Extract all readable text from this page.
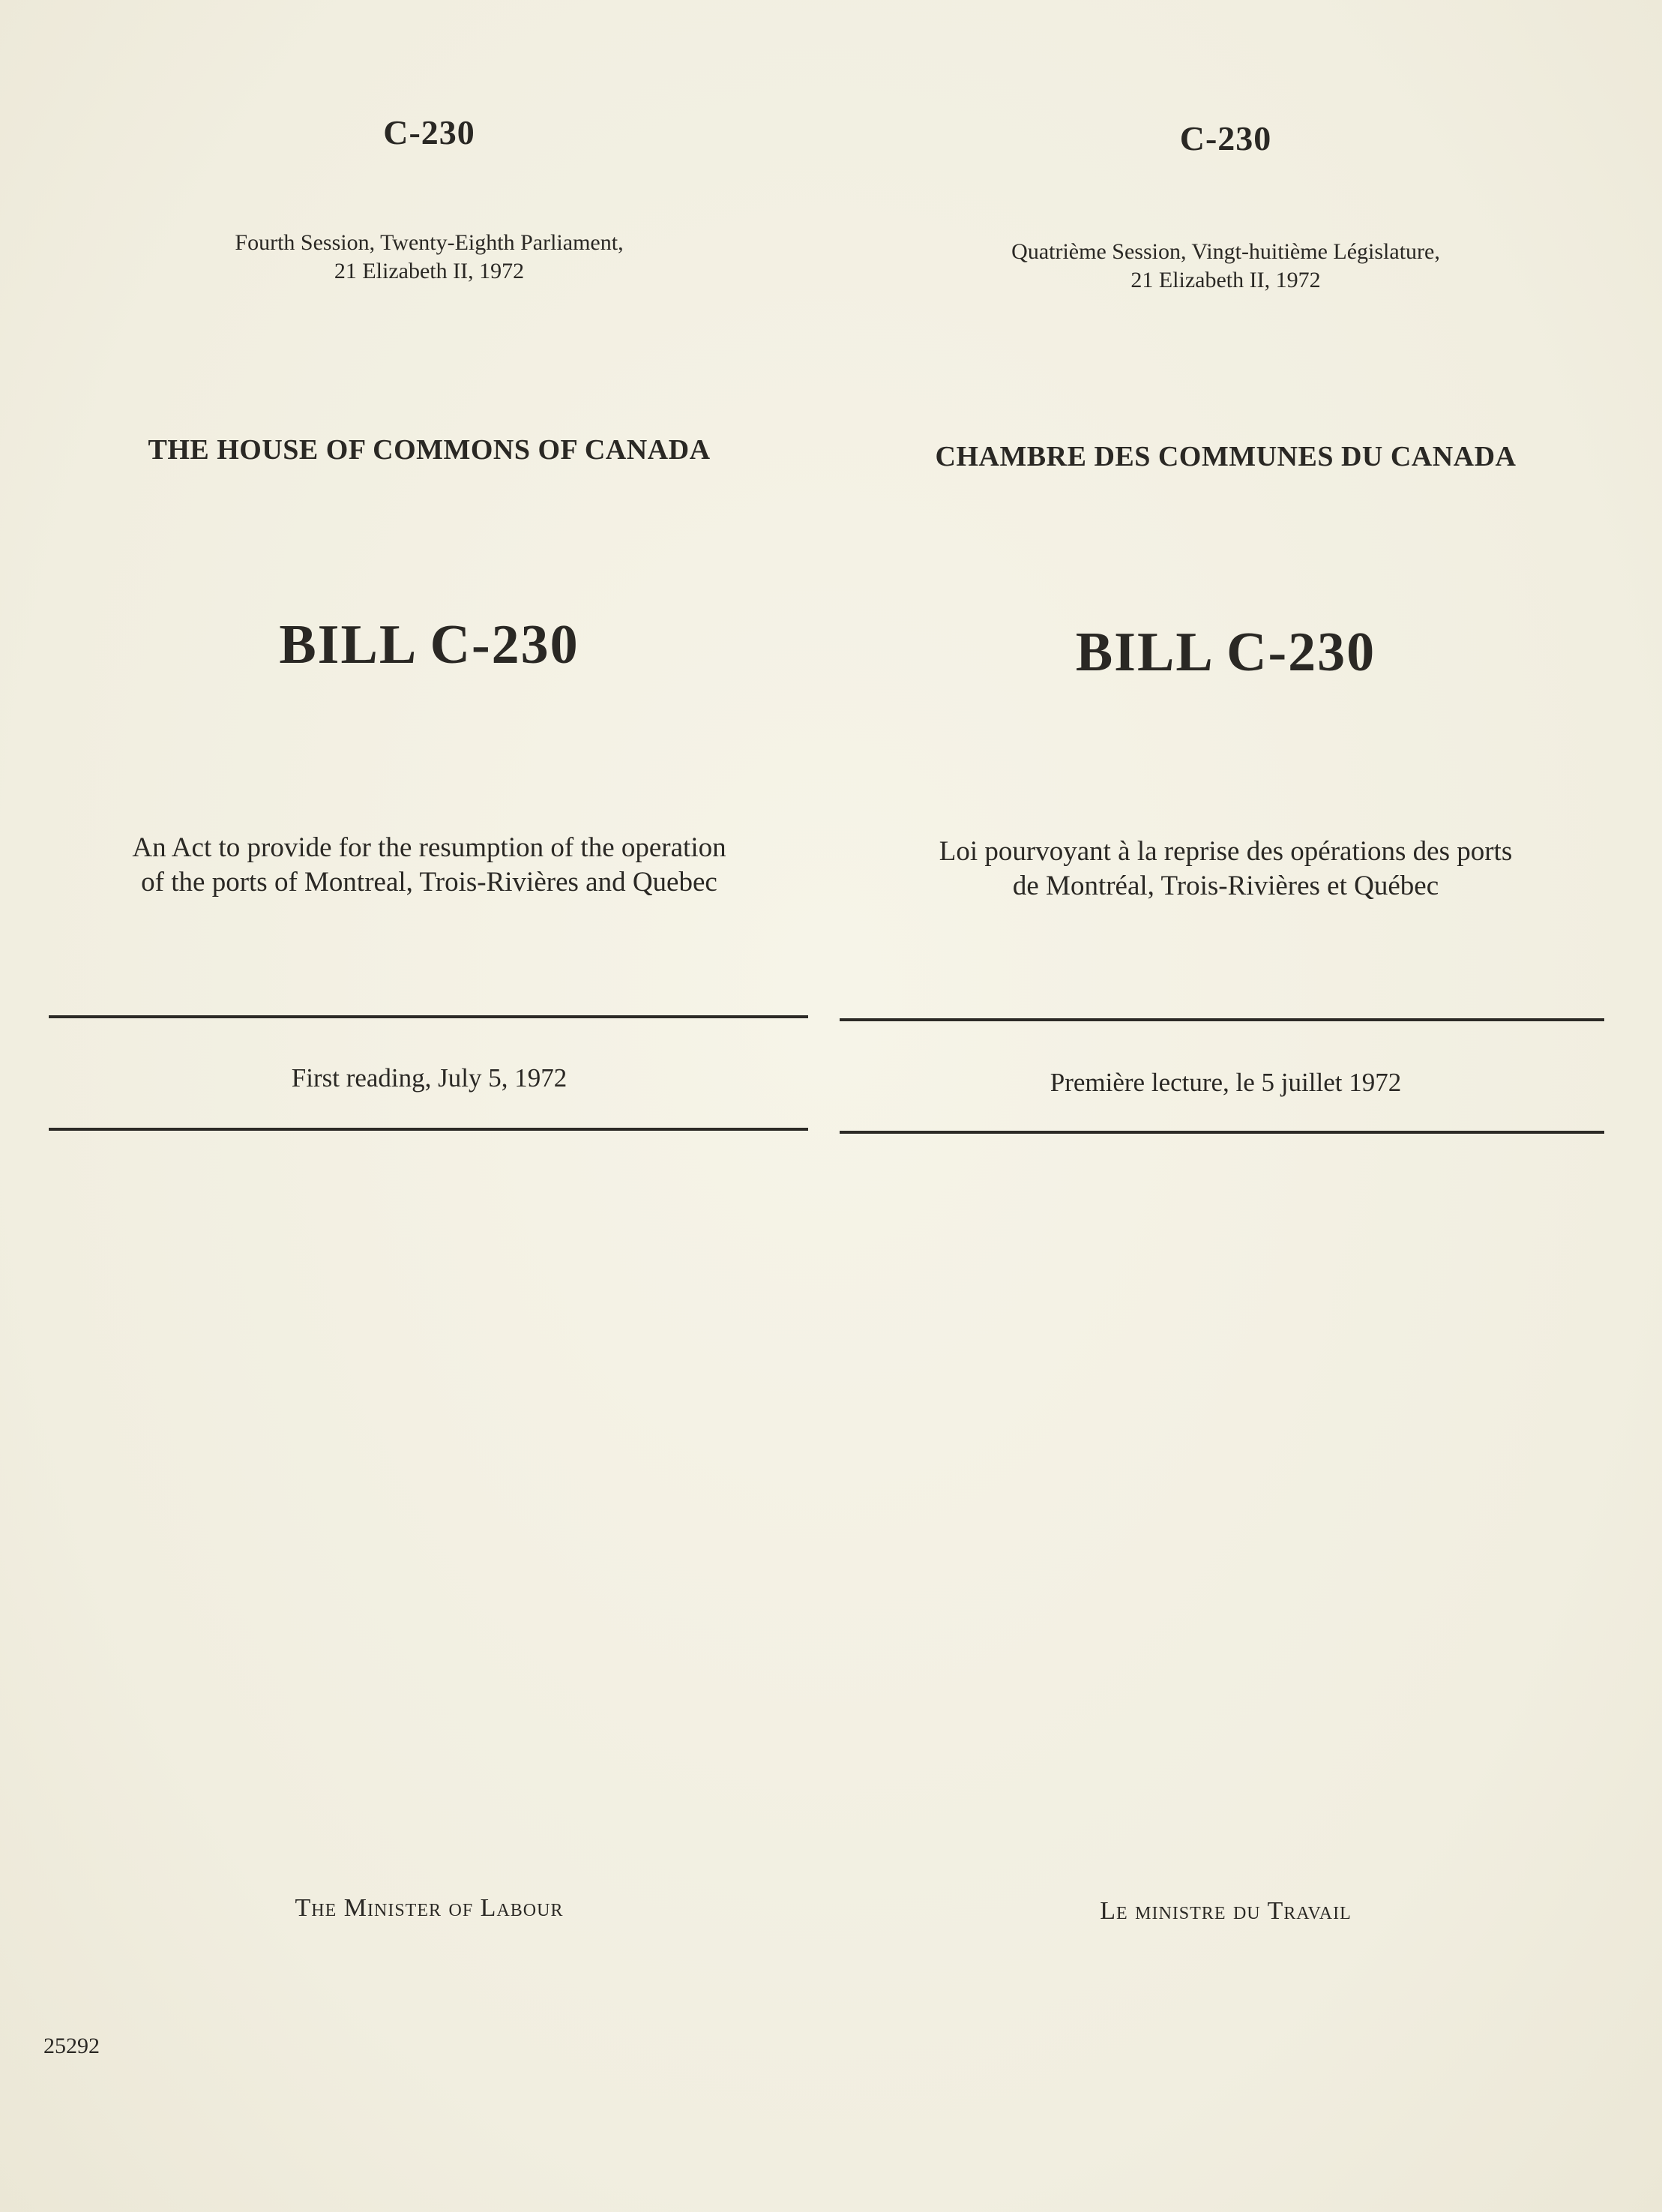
C-230
Fourth Session, Twenty-Eighth Parliament,
21 Elizabeth II, 1972
THE HOUSE OF COMMONS OF CANADA
BILL C-230
An Act to provide for the resumption of the operation
of the ports of Montreal, Trois-Rivières and Quebec
First reading, July 5, 1972
The Minister of Labour
C-230
Quatrième Session, Vingt-huitième Législature,
21 Elizabeth II, 1972
CHAMBRE DES COMMUNES DU CANADA
BILL C-230
Loi pourvoyant à la reprise des opérations des ports
de Montréal, Trois-Rivières et Québec
Première lecture, le 5 juillet 1972
Le ministre du Travail
25292
